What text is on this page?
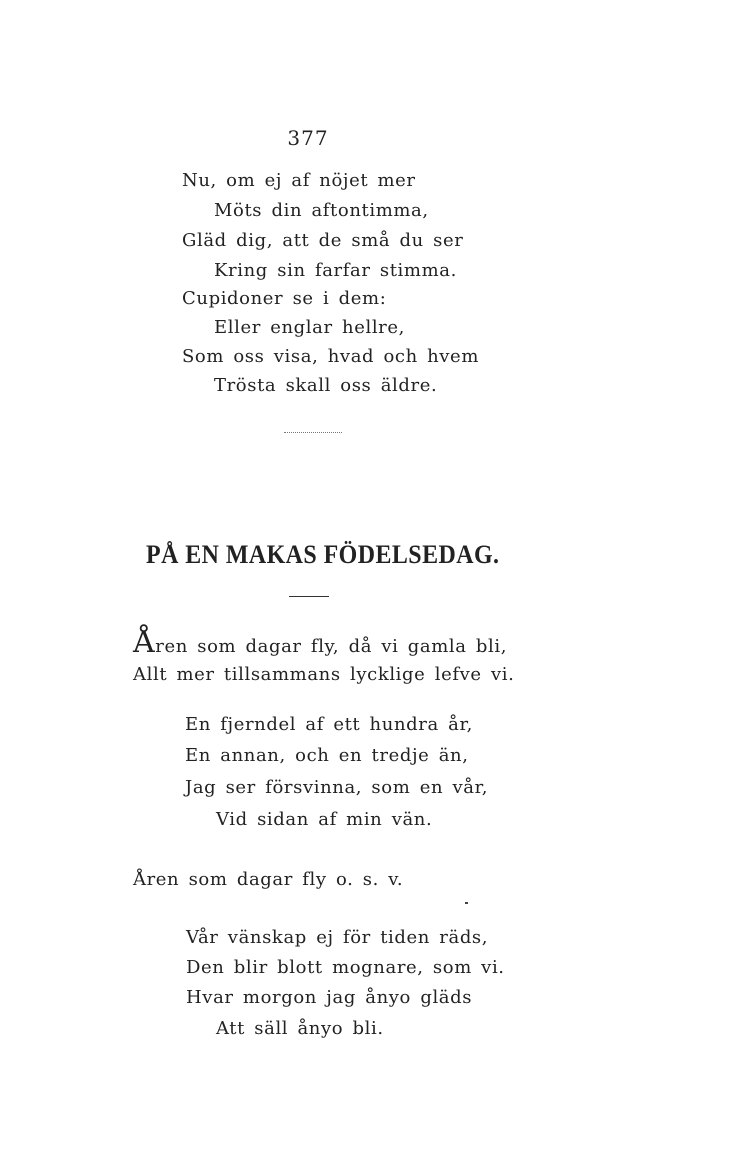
377
Nu, om ej af nöjet mer
Möts din aftontimma,
Gläd dig, att de små du ser
Kring sin farfar stimma.
Cupidoner se i dem:
Eller englar hellre,
Som oss visa, hvad och hvem
Trösta skall oss äldre.
PÅ EN MAKAS FÖDELSEDAG.
Åren som dagar fly, då vi gamla bli,
Allt mer tillsammans lycklige lefve vi.
En fjerndel af ett hundra år,
En annan, och en tredje än,
Jag ser försvinna, som en vår,
Vid sidan af min vän.
Åren som dagar fly o. s. v.
Vår vänskap ej för tiden räds,
Den blir blott mognare, som vi.
Hvar morgon jag ånyo gläds
Att säll ånyo bli.
